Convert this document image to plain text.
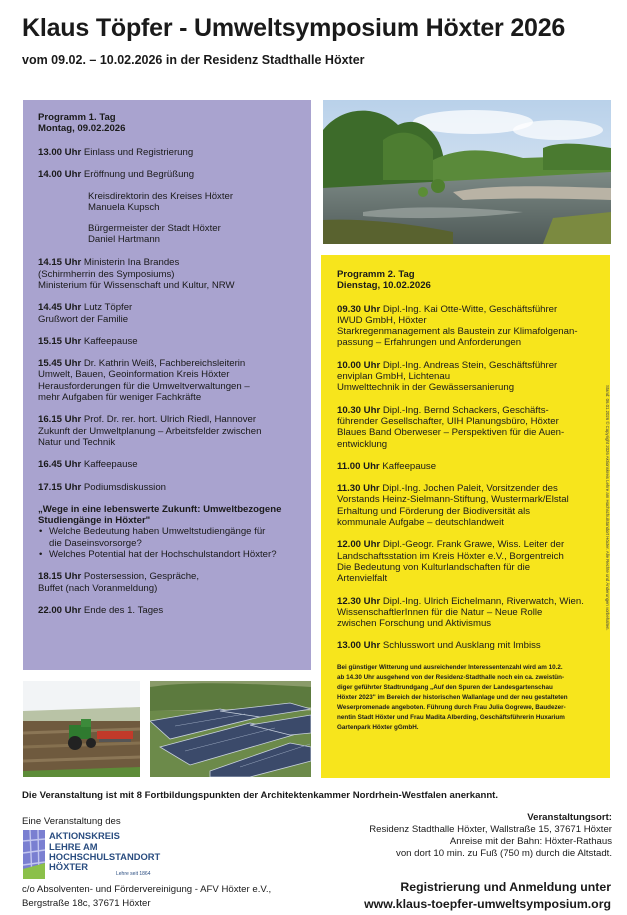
Klaus Töpfer - Umweltsymposium Höxter 2026
vom 09.02. – 10.02.2026 in der Residenz Stadthalle Höxter
Programm 1. Tag
Montag, 09.02.2026
13.00 Uhr Einlass und Registrierung
14.00 Uhr Eröffnung und Begrüßung
Kreisdirektorin des Kreises Höxter
Manuela Kupsch
Bürgermeister der Stadt Höxter
Daniel Hartmann
14.15 Uhr Ministerin Ina Brandes
(Schirmherrin des Symposiums)
Ministerium für Wissenschaft und Kultur, NRW
14.45 Uhr Lutz Töpfer
Grußwort der Familie
15.15 Uhr Kaffeepause
15.45 Uhr Dr. Kathrin Weiß, Fachbereichsleiterin
Umwelt, Bauen, Geoinformation Kreis Höxter
Herausforderungen für die Umweltverwaltungen –
mehr Aufgaben für weniger Fachkräfte
16.15 Uhr Prof. Dr. rer. hort. Ulrich Riedl, Hannover
Zukunft der Umweltplanung – Arbeitsfelder zwischen
Natur und Technik
16.45 Uhr Kaffeepause
17.15 Uhr Podiumsdiskussion
„Wege in eine lebenswerte Zukunft: Umweltbezogene
Studiengänge in Höxter"
• Welche Bedeutung haben Umweltstudiengänge für
die Daseinsvorsorge?
• Welches Potential hat der Hochschulstandort Höxter?
18.15 Uhr Postersession, Gespräche,
Buffet (nach Voranmeldung)
22.00 Uhr Ende des 1. Tages
Programm 2. Tag
Dienstag, 10.02.2026
09.30 Uhr Dipl.-Ing. Kai Otte-Witte, Geschäftsführer
IWUD GmbH, Höxter
Starkregenmanagement als Baustein zur Klimafolgenan-
passung – Erfahrungen und Anforderungen
10.00 Uhr Dipl.-Ing. Andreas Stein, Geschäftsführer
enviplan GmbH, Lichtenau
Umwelttechnik in der Gewässersanierung
10.30 Uhr Dipl.-Ing. Bernd Schackers, Geschäfts-
führender Gesellschafter, UIH Planungsbüro, Höxter
Blaues Band Oberweser – Perspektiven für die Auen-
entwicklung
11.00 Uhr Kaffeepause
11.30 Uhr Dipl.-Ing. Jochen Paleit, Vorsitzender des
Vorstands Heinz-Sielmann-Stiftung, Wustermark/Elstal
Erhaltung und Förderung der Biodiversität als
kommunale Aufgabe – deutschlandweit
12.00 Uhr Dipl.-Geogr. Frank Grawe, Wiss. Leiter der
Landschaftsstation im Kreis Höxter e.V., Borgentreich
Die Bedeutung von Kulturlandschaften für die
Artenvielfalt
12.30 Uhr Dipl.-Ing. Ulrich Eichelmann, Riverwatch, Wien.
WissenschaftlerInnen für die Natur – Neue Rolle
zwischen Forschung und Aktivismus
13.00 Uhr Schlusswort und Ausklang mit Imbiss
Bei günstiger Witterung und ausreichender Interessentenzahl wird am 10.2.
ab 14.30 Uhr ausgehend von der Residenz-Stadthalle noch ein ca. zweistün-
diger geführter Stadtrundgang „Auf den Spuren der Landesgartenschau
Höxter 2023" im Bereich der historischen Wallanlage und der neu gestalteten
Weserpromenade angeboten. Führung durch Frau Julia Gogrewe, Baudezer-
nentin Stadt Höxter und Frau Madita Alberding, Geschäftsführerin Huxarium
Gartenpark Höxter gGmbH.
Stand: 06.01.2026 © Copyright 2026 Aktionskreis Lehre am Hochschulstandort Höxter. Alle Rechte und Änderungen vorbehalten.
Die Veranstaltung ist mit 8 Fortbildungspunkten der Architektenkammer Nordrhein-Westfalen anerkannt.
Eine Veranstaltung des
AKTIONSKREIS
LEHRE AM
HOCHSCHULSTANDORT
HÖXTER
Lehre seit 1864
c/o Absolventen- und Fördervereinigung - AFV Höxter e.V.,
Bergstraße 18c, 37671 Höxter
Veranstaltungsort:
Residenz Stadthalle Höxter, Wallstraße 15, 37671 Höxter
Anreise mit der Bahn: Höxter-Rathaus
von dort 10 min. zu Fuß (750 m) durch die Altstadt.
Registrierung und Anmeldung unter
www.klaus-toepfer-umweltsymposium.org
